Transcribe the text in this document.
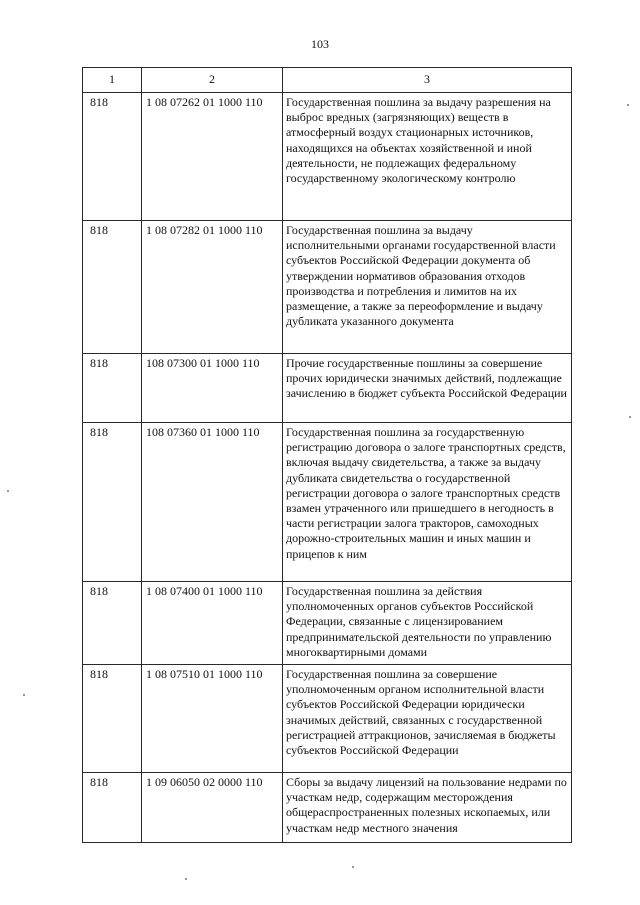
103
1	2	3
818	1 08 07262 01 1000 110	Государственная пошлина за выдачу разрешения на выброс вредных (загрязняющих) веществ в атмосферный воздух стационарных источников, находящихся на объектах хозяйственной и иной деятельности, не подлежащих федеральному государственному экологическому контролю
818	1 08 07282 01 1000 110	Государственная пошлина за выдачу исполнительными органами государственной власти субъектов Российской Федерации документа об утверждении нормативов образования отходов производства и потребления и лимитов на их размещение, а также за переоформление и выдачу дубликата указанного документа
818	108 07300 01 1000 110	Прочие государственные пошлины за совершение прочих юридически значимых действий, подлежащие зачислению в бюджет субъекта Российской Федерации
818	108 07360 01 1000 110	Государственная пошлина за государственную регистрацию договора о залоге транспортных средств, включая выдачу свидетельства, а также за выдачу дубликата свидетельства о государственной регистрации договора о залоге транспортных средств взамен утраченного или пришедшего в негодность в части регистрации залога тракторов, самоходных дорожно-строительных машин и иных машин и прицепов к ним
818	1 08 07400 01 1000 110	Государственная пошлина за действия уполномоченных органов субъектов Российской Федерации, связанные с лицензированием предпринимательской деятельности по управлению многоквартирными домами
818	1 08 07510 01 1000 110	Государственная пошлина за совершение уполномоченным органом исполнительной власти субъектов Российской Федерации юридически значимых действий, связанных с государственной регистрацией аттракционов, зачисляемая в бюджеты субъектов Российской Федерации
818	1 09 06050 02 0000 110	Сборы за выдачу лицензий на пользование недрами по участкам недр, содержащим месторождения общераспространенных полезных ископаемых, или участкам недр местного значения
